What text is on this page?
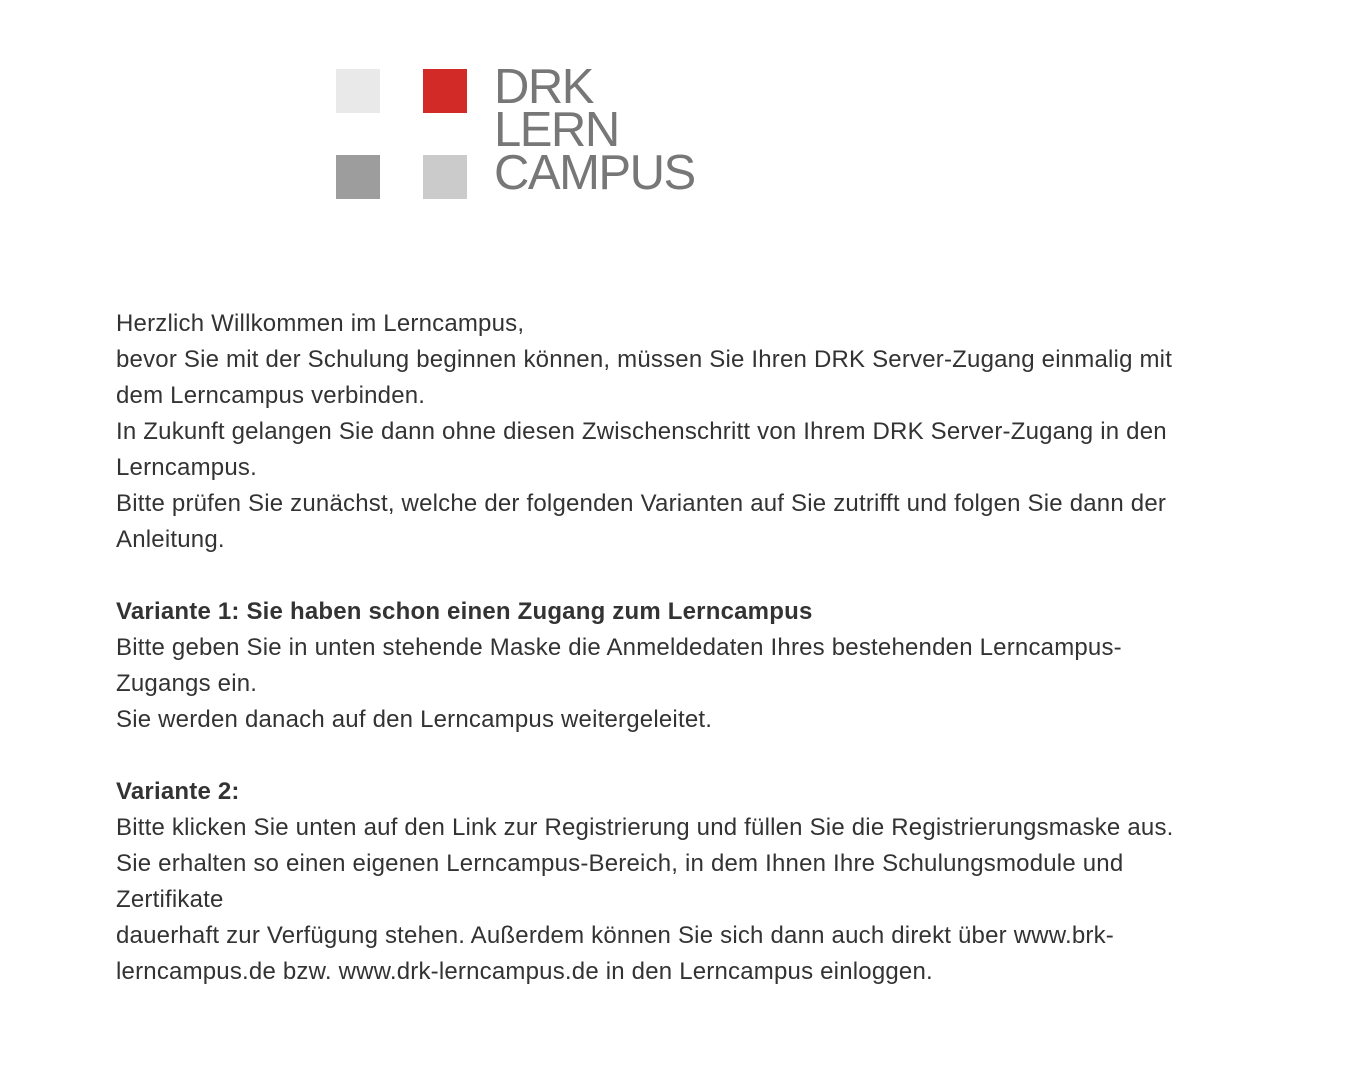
DRK
LERN
CAMPUS

Herzlich Willkommen im Lerncampus,

bevor Sie mit der Schulung beginnen können, müssen Sie Ihren DRK Server-Zugang einmalig mit dem Lerncampus verbinden.

In Zukunft gelangen Sie dann ohne diesen Zwischenschritt von Ihrem DRK Server-Zugang in den Lerncampus.

Bitte prüfen Sie zunächst, welche der folgenden Varianten auf Sie zutrifft und folgen Sie dann der Anleitung.

Variante 1: Sie haben schon einen Zugang zum Lerncampus

Bitte geben Sie in unten stehende Maske die Anmeldedaten Ihres bestehenden Lerncampus-Zugangs ein.

Sie werden danach auf den Lerncampus weitergeleitet.

Variante 2:

Bitte klicken Sie unten auf den Link zur Registrierung und füllen Sie die Registrierungsmaske aus.

Sie erhalten so einen eigenen Lerncampus-Bereich, in dem Ihnen Ihre Schulungsmodule und Zertifikate

dauerhaft zur Verfügung stehen. Außerdem können Sie sich dann auch direkt über www.brk-lerncampus.de bzw. www.drk-lerncampus.de in den Lerncampus einloggen.
